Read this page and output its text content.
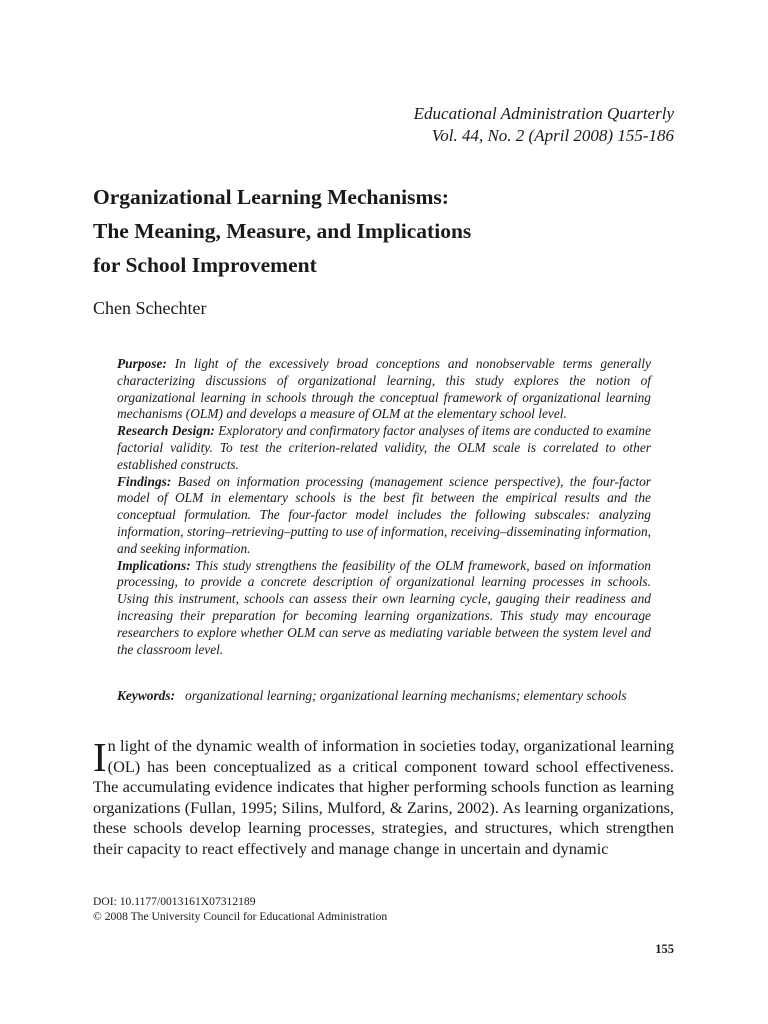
Educational Administration Quarterly
Vol. 44, No. 2 (April 2008) 155-186
Organizational Learning Mechanisms:
The Meaning, Measure, and Implications
for School Improvement
Chen Schechter

Purpose: In light of the excessively broad conceptions and nonobservable terms generally characterizing discussions of organizational learning, this study explores the notion of organizational learning in schools through the conceptual framework of organizational learning mechanisms (OLM) and develops a measure of OLM at the elementary school level.

Research Design: Exploratory and confirmatory factor analyses of items are conducted to examine factorial validity. To test the criterion-related validity, the OLM scale is correlated to other established constructs.

Findings: Based on information processing (management science perspective), the four-factor model of OLM in elementary schools is the best fit between the empirical results and the conceptual formulation. The four-factor model includes the following subscales: analyzing information, storing–retrieving–putting to use of information, receiving–disseminating information, and seeking information.

Implications: This study strengthens the feasibility of the OLM framework, based on information processing, to provide a concrete description of organizational learning processes in schools. Using this instrument, schools can assess their own learning cycle, gauging their readiness and increasing their preparation for becoming learning organizations. This study may encourage researchers to explore whether OLM can serve as mediating variable between the system level and the classroom level.

Keywords: organizational learning; organizational learning mechanisms; elementary schools

In light of the dynamic wealth of information in societies today, organizational learning (OL) has been conceptualized as a critical component toward school effectiveness. The accumulating evidence indicates that higher performing schools function as learning organizations (Fullan, 1995; Silins, Mulford, & Zarins, 2002). As learning organizations, these schools develop learning processes, strategies, and structures, which strengthen their capacity to react effectively and manage change in uncertain and dynamic

DOI: 10.1177/0013161X07312189
© 2008 The University Council for Educational Administration
155
